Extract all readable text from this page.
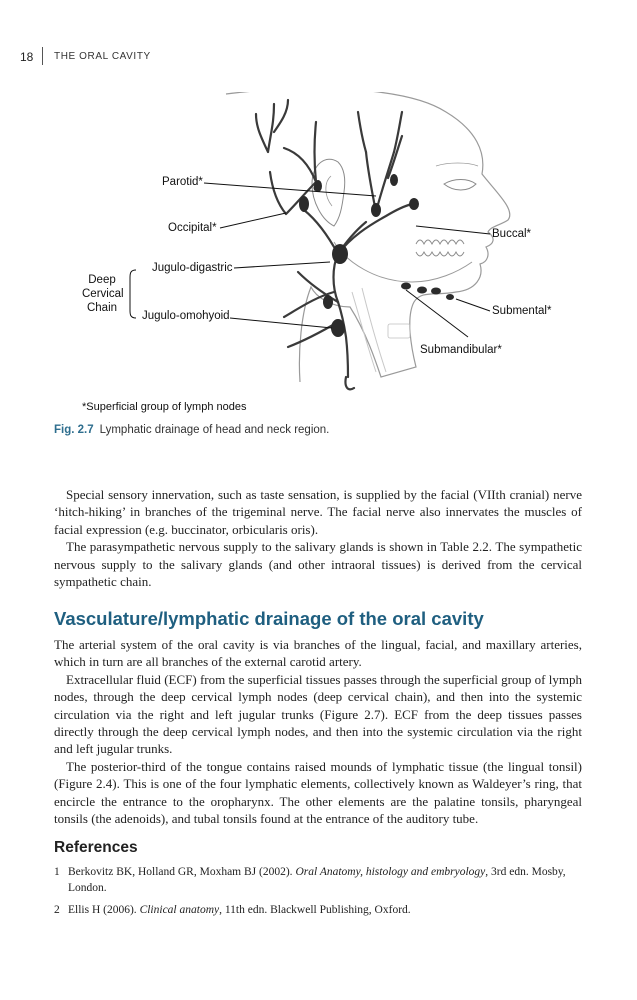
18 THE ORAL CAVITY
Parotid*
Occipital*
Jugulo-digastric
Jugulo-omohyoid
Deep
Cervical
Chain
Buccal*
Submental*
Submandibular*
*Superficial group of lymph nodes
Fig. 2.7 Lymphatic drainage of head and neck region.

Special sensory innervation, such as taste sensation, is supplied by the facial (VIIth cranial) nerve ‘hitch-hiking’ in branches of the trigeminal nerve. The facial nerve also innervates the muscles of facial expression (e.g. buccinator, orbicularis oris).

The parasympathetic nervous supply to the salivary glands is shown in Table 2.2. The sympathetic nervous supply to the salivary glands (and other intraoral tissues) is derived from the cervical sympathetic chain.

Vasculature/lymphatic drainage of the oral cavity

The arterial system of the oral cavity is via branches of the lingual, facial, and maxillary arteries, which in turn are all branches of the external carotid artery.

Extracellular fluid (ECF) from the superficial tissues passes through the superficial group of lymph nodes, through the deep cervical lymph nodes (deep cervical chain), and then into the systemic circulation via the right and left jugular trunks (Figure 2.7). ECF from the deep tissues passes directly through the deep cervical lymph nodes, and then into the systemic circulation via the right and left jugular trunks.

The posterior-third of the tongue contains raised mounds of lymphatic tissue (the lingual tonsil) (Figure 2.4). This is one of the four lymphatic elements, collectively known as Waldeyer’s ring, that encircle the entrance to the oropharynx. The other elements are the palatine tonsils, pharyngeal tonsils (the adenoids), and tubal tonsils found at the entrance of the auditory tube.

References
1 Berkovitz BK, Holland GR, Moxham BJ (2002). Oral Anatomy, histology and embryology, 3rd edn. Mosby, London.
2 Ellis H (2006). Clinical anatomy, 11th edn. Blackwell Publishing, Oxford.
